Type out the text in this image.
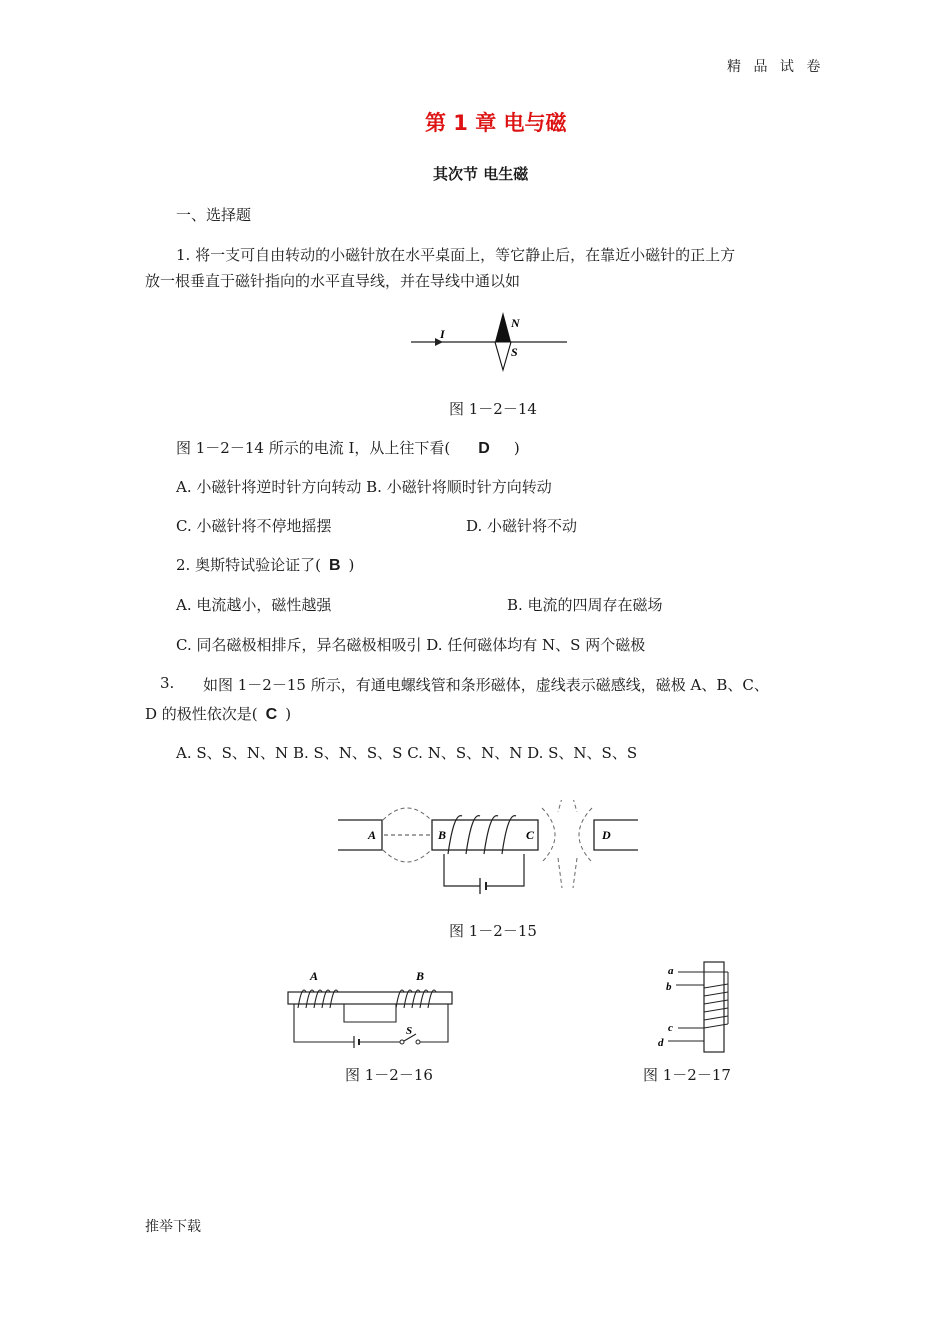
精 品 试 卷
第 1 章 电与磁
其次节 电生磁
一、选择题
1. 将一支可自由转动的小磁针放在水平桌面上，等它静止后，在靠近小磁针的正上方
放一根垂直于磁针指向的水平直导线，并在导线中通以如
I
N
S
图 1－2－14
图 1－2－14 所示的电流 I，从上往下看( D )
A. 小磁针将逆时针方向转动 B. 小磁针将顺时针方向转动
C. 小磁针将不停地摇摆	D. 小磁针将不动
2. 奥斯特试验论证了( B )
A. 电流越小，磁性越强	B. 电流的四周存在磁场
C. 同名磁极相排斥，异名磁极相吸引 D. 任何磁体均有 N、S 两个磁极
3. 如图 1－2－15 所示，有通电螺线管和条形磁体，虚线表示磁感线，磁极 A、B、C、
D 的极性依次是( C )
A. S、S、N、N B. S、N、S、S C. N、S、N、N D. S、N、S、S
A	B	C	D
图 1－2－15
A	B
S
图 1－2－16
a
b
c
d
图 1－2－17
推举下载
